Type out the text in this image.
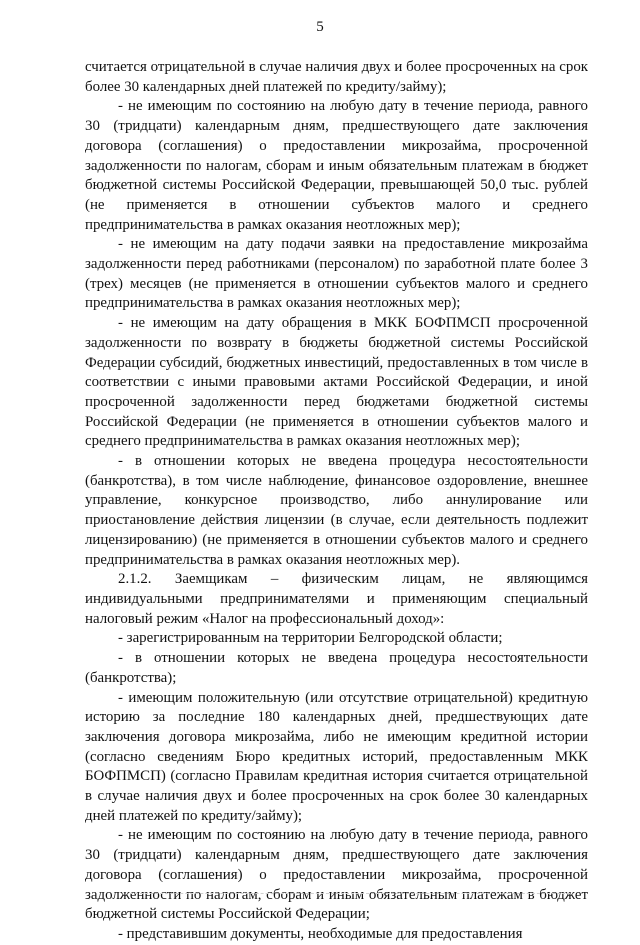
5

считается отрицательной в случае наличия двух и более просроченных на срок более 30 календарных дней платежей по кредиту/займу);

- не имеющим по состоянию на любую дату в течение периода, равного 30 (тридцати) календарным дням, предшествующего дате заключения договора (соглашения) о предоставлении микрозайма, просроченной задолженности по налогам, сборам и иным обязательным платежам в бюджет бюджетной системы Российской Федерации, превышающей 50,0 тыс. рублей (не применяется в отношении субъектов малого и среднего предпринимательства в рамках оказания неотложных мер);

- не имеющим на дату подачи заявки на предоставление микрозайма задолженности перед работниками (персоналом) по заработной плате более 3 (трех) месяцев (не применяется в отношении субъектов малого и среднего предпринимательства в рамках оказания неотложных мер);

- не имеющим на дату обращения в МКК БОФПМСП просроченной задолженности по возврату в бюджеты бюджетной системы Российской Федерации субсидий, бюджетных инвестиций, предоставленных в том числе в соответствии с иными правовыми актами Российской Федерации, и иной просроченной задолженности перед бюджетами бюджетной системы Российской Федерации (не применяется в отношении субъектов малого и среднего предпринимательства в рамках оказания неотложных мер);

- в отношении которых не введена процедура несостоятельности (банкротства), в том числе наблюдение, финансовое оздоровление, внешнее управление, конкурсное производство, либо аннулирование или приостановление действия лицензии (в случае, если деятельность подлежит лицензированию) (не применяется в отношении субъектов малого и среднего предпринимательства в рамках оказания неотложных мер).

2.1.2. Заемщикам – физическим лицам, не являющимся индивидуальными предпринимателями и применяющим специальный налоговый режим «Налог на профессиональный доход»:

- зарегистрированным на территории Белгородской области;

- в отношении которых не введена процедура несостоятельности (банкротства);

- имеющим положительную (или отсутствие отрицательной) кредитную историю за последние 180 календарных дней, предшествующих дате заключения договора микрозайма, либо не имеющим кредитной истории (согласно сведениям Бюро кредитных историй, предоставленным МКК БОФПМСП) (согласно Правилам кредитная история считается отрицательной в случае наличия двух и более просроченных на срок более 30 календарных дней платежей по кредиту/займу);

- не имеющим по состоянию на любую дату в течение периода, равного 30 (тридцати) календарным дням, предшествующего дате заключения договора (соглашения) о предоставлении микрозайма, просроченной задолженности по налогам, сборам и иным обязательным платежам в бюджет бюджетной системы Российской Федерации;

- представившим документы, необходимые для предоставления
